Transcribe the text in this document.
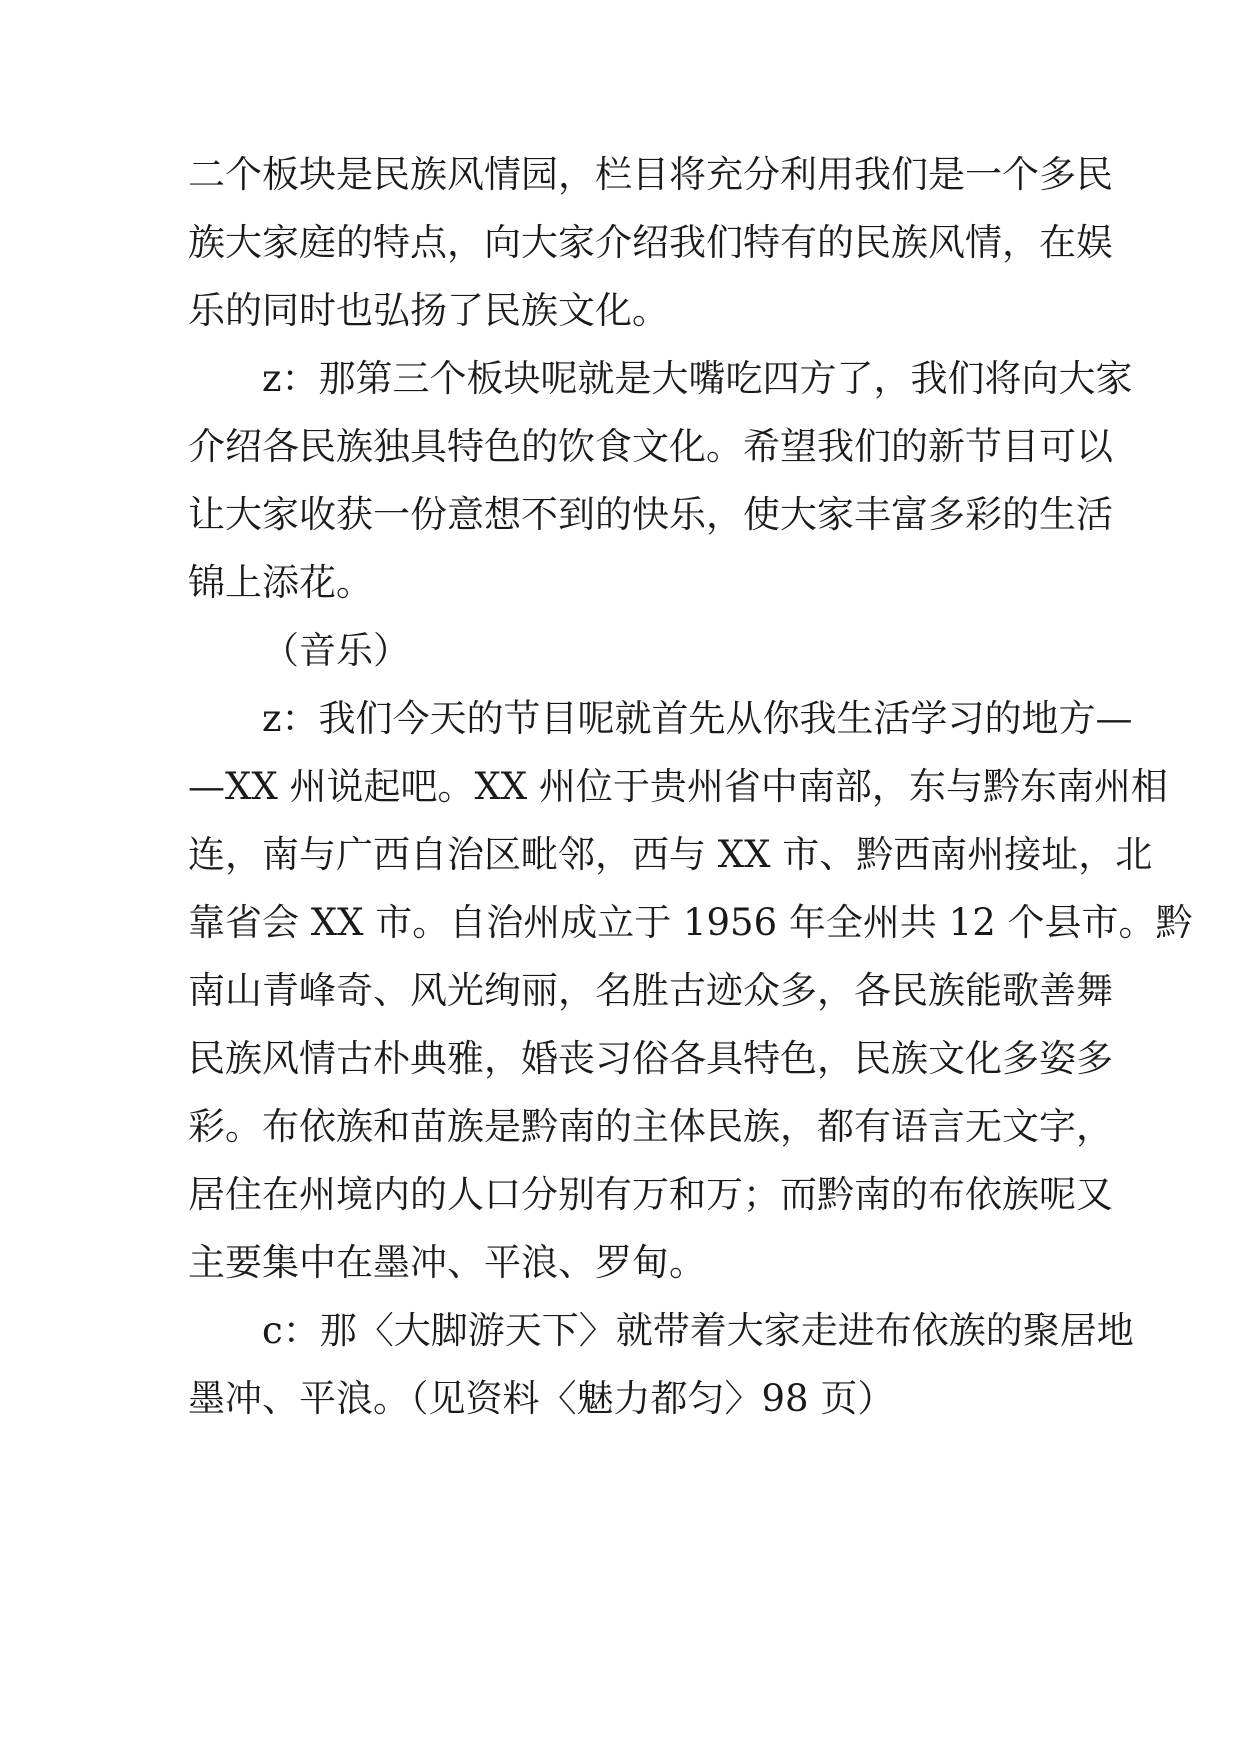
二个板块是民族风情园，栏目将充分利用我们是一个多民
族大家庭的特点，向大家介绍我们特有的民族风情，在娱
乐的同时也弘扬了民族文化。
z：那第三个板块呢就是大嘴吃四方了，我们将向大家
介绍各民族独具特色的饮食文化。希望我们的新节目可以
让大家收获一份意想不到的快乐，使大家丰富多彩的生活
锦上添花。
（音乐）
z：我们今天的节目呢就首先从你我生活学习的地方—
—XX 州说起吧。XX 州位于贵州省中南部，东与黔东南州相
连，南与广西自治区毗邻，西与 XX 市、黔西南州接址，北
靠省会 XX 市。自治州成立于 1956 年全州共 12 个县市。黔
南山青峰奇、风光绚丽，名胜古迹众多，各民族能歌善舞
民族风情古朴典雅，婚丧习俗各具特色，民族文化多姿多
彩。布依族和苗族是黔南的主体民族，都有语言无文字，
居住在州境内的人口分别有万和万；而黔南的布依族呢又
主要集中在墨冲、平浪、罗甸。
c：那〈大脚游天下〉就带着大家走进布依族的聚居地
墨冲、平浪。（见资料〈魅力都匀〉98 页）
